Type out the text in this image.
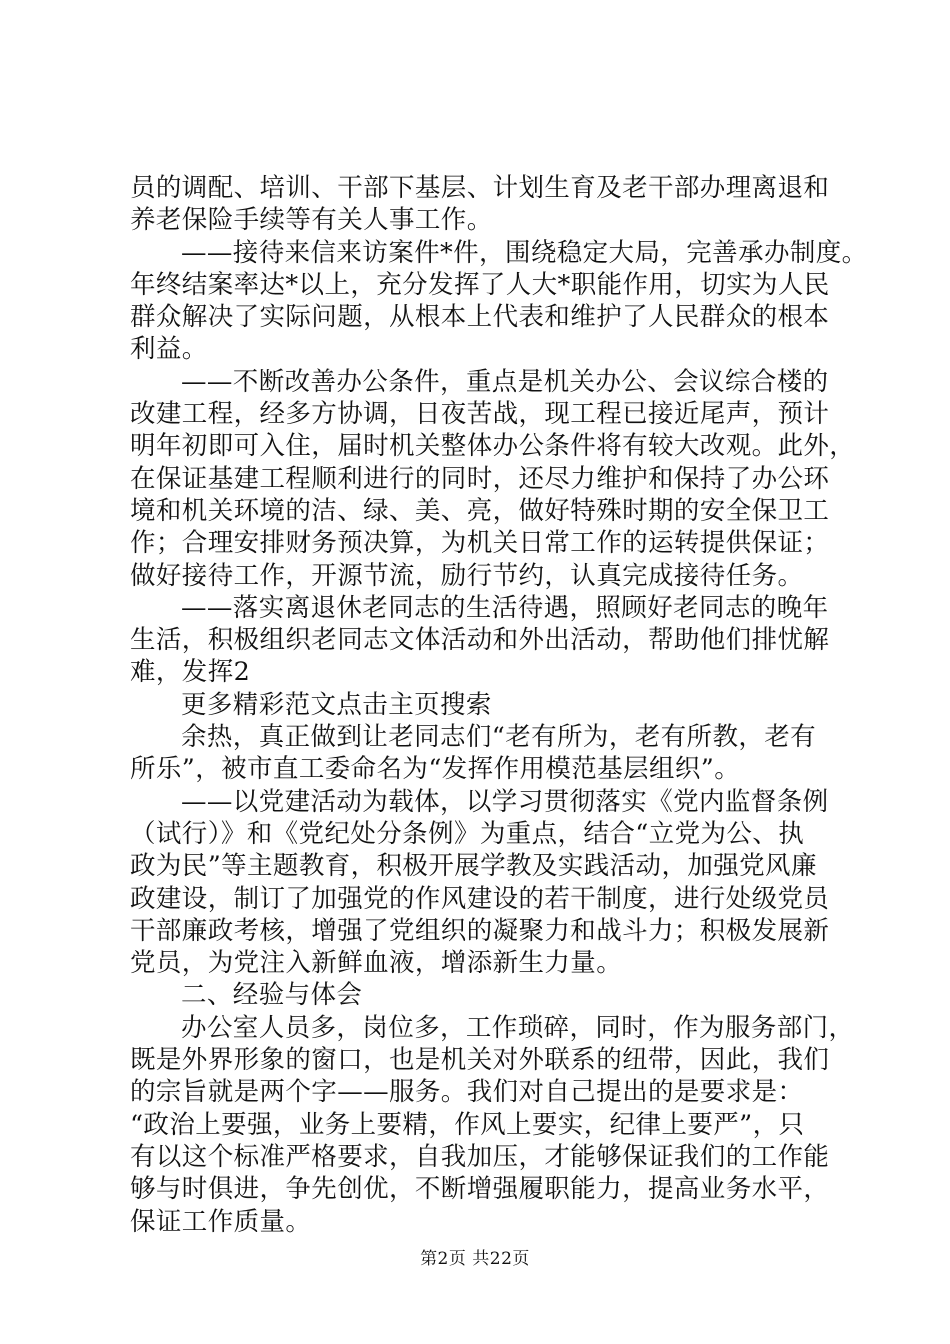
员的调配、培训、干部下基层、计划生育及老干部办理离退和
养老保险手续等有关人事工作。
——接待来信来访案件*件，围绕稳定大局，完善承办制度。
年终结案率达*以上，充分发挥了人大*职能作用，切实为人民
群众解决了实际问题，从根本上代表和维护了人民群众的根本
利益。
——不断改善办公条件，重点是机关办公、会议综合楼的
改建工程，经多方协调，日夜苦战，现工程已接近尾声，预计
明年初即可入住，届时机关整体办公条件将有较大改观。此外，
在保证基建工程顺利进行的同时，还尽力维护和保持了办公环
境和机关环境的洁、绿、美、亮，做好特殊时期的安全保卫工
作；合理安排财务预决算，为机关日常工作的运转提供保证；
做好接待工作，开源节流，励行节约，认真完成接待任务。
——落实离退休老同志的生活待遇，照顾好老同志的晚年
生活，积极组织老同志文体活动和外出活动，帮助他们排忧解
难，发挥2
更多精彩范文点击主页搜索
余热，真正做到让老同志们“老有所为，老有所教，老有
所乐”，被市直工委命名为“发挥作用模范基层组织”。
——以党建活动为载体，以学习贯彻落实《党内监督条例
（试行）》和《党纪处分条例》为重点，结合“立党为公、执
政为民”等主题教育，积极开展学教及实践活动，加强党风廉
政建设，制订了加强党的作风建设的若干制度，进行处级党员
干部廉政考核，增强了党组织的凝聚力和战斗力；积极发展新
党员，为党注入新鲜血液，增添新生力量。
二、经验与体会
办公室人员多，岗位多，工作琐碎，同时，作为服务部门，
既是外界形象的窗口，也是机关对外联系的纽带，因此，我们
的宗旨就是两个字——服务。我们对自己提出的是要求是：
“政治上要强，业务上要精，作风上要实，纪律上要严”，只
有以这个标准严格要求，自我加压，才能够保证我们的工作能
够与时俱进，争先创优，不断增强履职能力，提高业务水平，
保证工作质量。
第2页 共22页
